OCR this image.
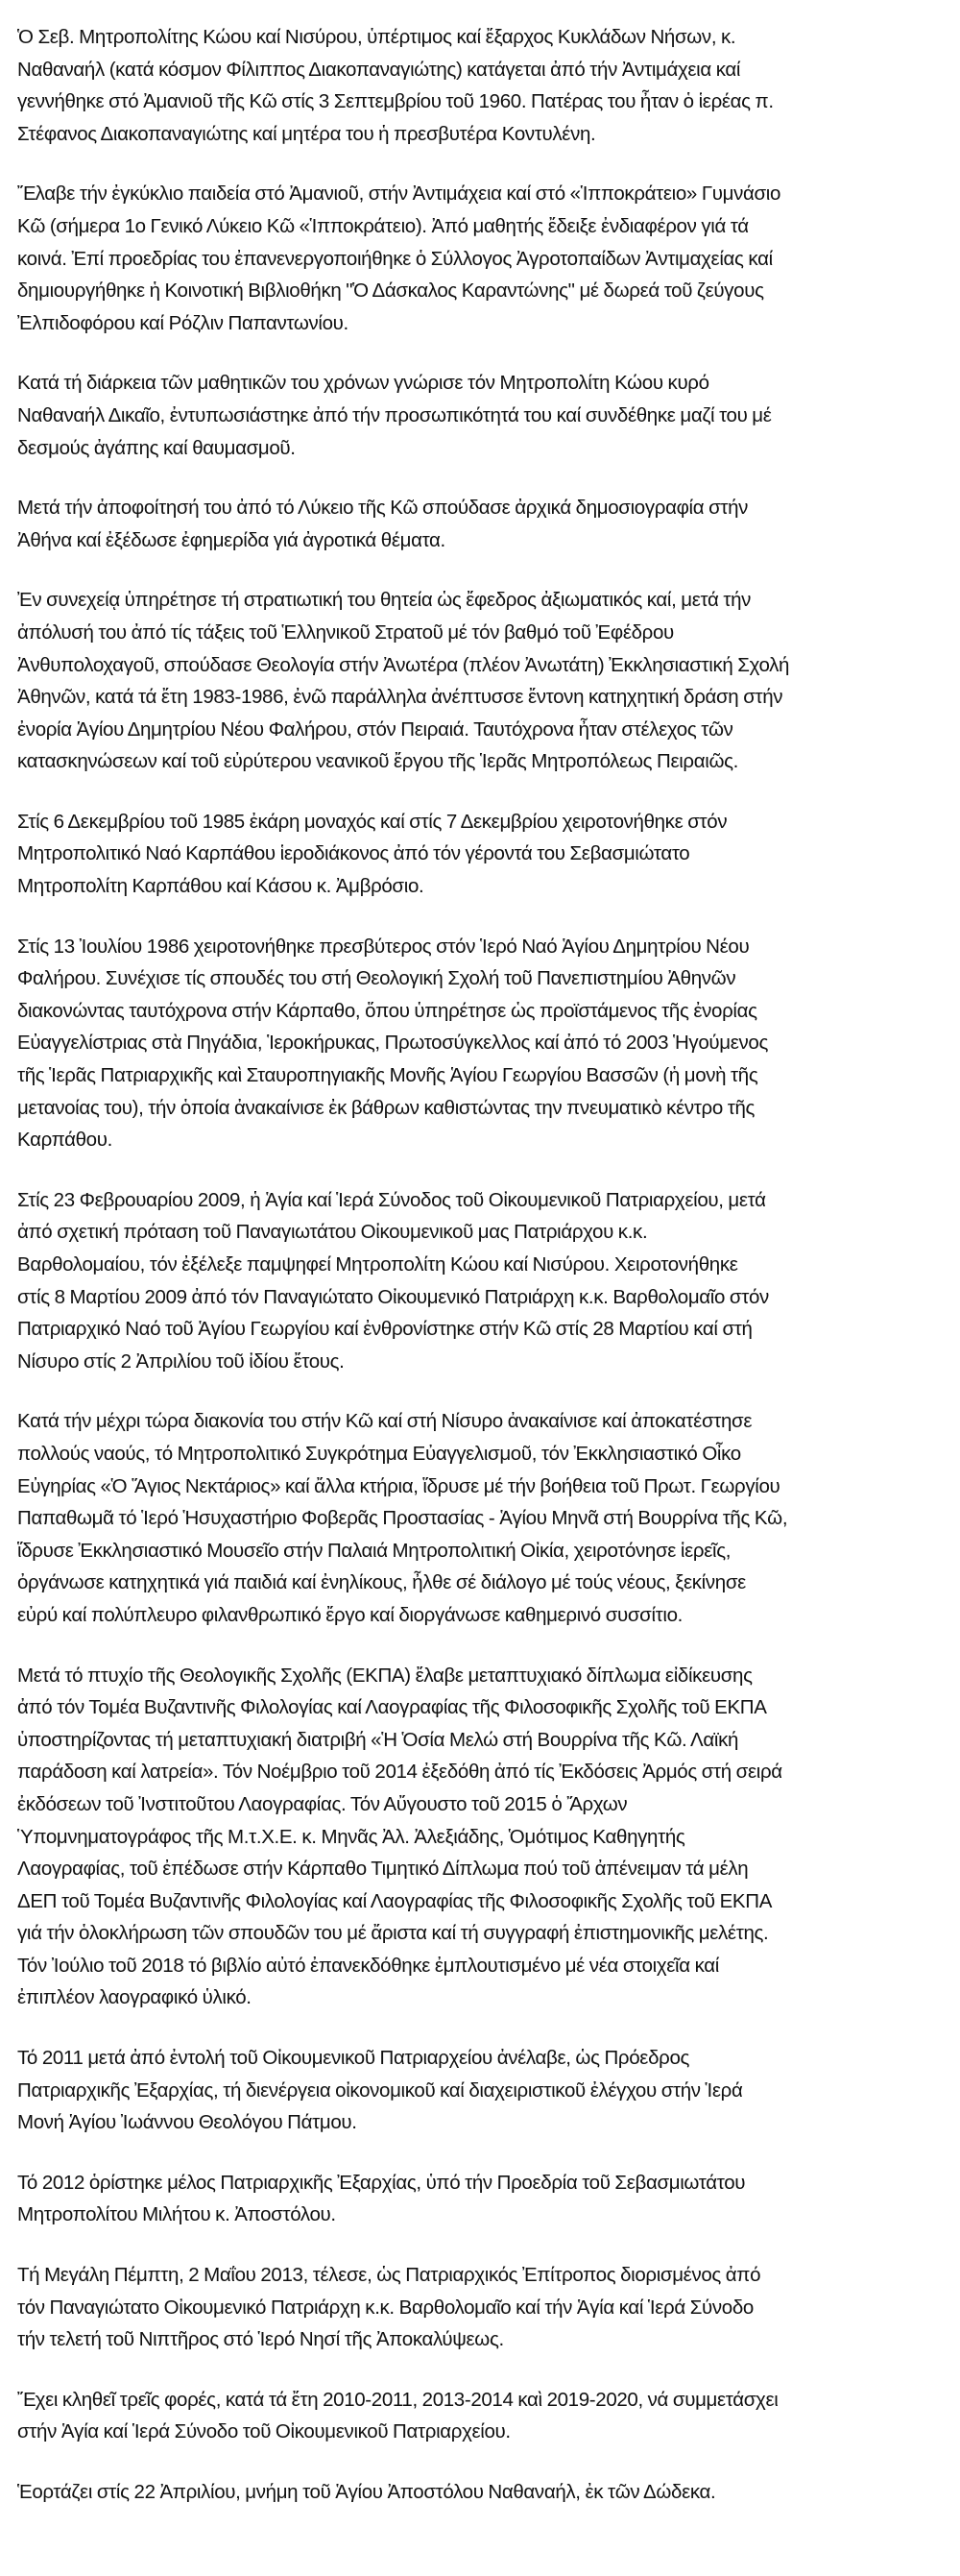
Ὁ Σεβ. Μητροπολίτης Κώου καί Νισύρου, ὑπέρτιμος καί ἔξαρχος Κυκλάδων Νήσων, κ.
Ναθαναήλ (κατά κόσμον Φίλιππος Διακοπαναγιώτης) κατάγεται ἀπό τήν Ἀντιμάχεια καί
γεννήθηκε στό Ἀμανιοῦ τῆς Κῶ στίς 3 Σεπτεμβρίου τοῦ 1960. Πατέρας του ἦταν ὁ ἱερέας π.
Στέφανος Διακοπαναγιώτης καί μητέρα του ἡ πρεσβυτέρα Κοντυλένη.

Ἔλαβε τήν ἐγκύκλιο παιδεία στό Ἀμανιοῦ, στήν Ἀντιμάχεια καί στό «Ἱπποκράτειο» Γυμνάσιο
Κῶ (σήμερα 1ο Γενικό Λύκειο Κῶ «Ἱπποκράτειο). Ἀπό μαθητής ἔδειξε ἐνδιαφέρον γιά τά
κοινά. Ἐπί προεδρίας του ἐπανενεργοποιήθηκε ὁ Σύλλογος Ἀγροτοπαίδων Ἀντιμαχείας καί
δημιουργήθηκε ἡ Κοινοτική Βιβλιοθήκη "Ὁ Δάσκαλος Καραντώνης" μέ δωρεά τοῦ ζεύγους
Ἐλπιδοφόρου καί Ρόζλιν Παπαντωνίου.

Κατά τή διάρκεια τῶν μαθητικῶν του χρόνων γνώρισε τόν Μητροπολίτη Κώου κυρό
Ναθαναήλ Δικαῖο, ἐντυπωσιάστηκε ἀπό τήν προσωπικότητά του καί συνδέθηκε μαζί του μέ
δεσμούς ἀγάπης καί θαυμασμοῦ.

Μετά τήν ἀποφοίτησή του ἀπό τό Λύκειο τῆς Κῶ σπούδασε ἀρχικά δημοσιογραφία στήν
Ἀθήνα καί ἐξέδωσε ἐφημερίδα γιά ἀγροτικά θέματα.

Ἐν συνεχείᾳ ὑπηρέτησε τή στρατιωτική του θητεία ὡς ἔφεδρος ἀξιωματικός καί, μετά τήν
ἀπόλυσή του ἀπό τίς τάξεις τοῦ Ἑλληνικοῦ Στρατοῦ μέ τόν βαθμό τοῦ Ἐφέδρου
Ἀνθυπολοχαγοῦ, σπούδασε Θεολογία στήν Ἀνωτέρα (πλέον Ἀνωτάτη) Ἐκκλησιαστική Σχολή
Ἀθηνῶν, κατά τά ἔτη 1983-1986, ἐνῶ παράλληλα ἀνέπτυσσε ἔντονη κατηχητική δράση στήν
ἐνορία Ἁγίου Δημητρίου Νέου Φαλήρου, στόν Πειραιά. Ταυτόχρονα ἦταν στέλεχος τῶν
κατασκηνώσεων καί τοῦ εὐρύτερου νεανικοῦ ἔργου τῆς Ἱερᾶς Μητροπόλεως Πειραιῶς.

Στίς 6 Δεκεμβρίου τοῦ 1985 ἐκάρη μοναχός καί στίς 7 Δεκεμβρίου χειροτονήθηκε στόν
Μητροπολιτικό Ναό Καρπάθου ἱεροδιάκονος ἀπό τόν γέροντά του Σεβασμιώτατο
Μητροπολίτη Καρπάθου καί Κάσου κ. Ἀμβρόσιο.

Στίς 13 Ἰουλίου 1986 χειροτονήθηκε πρεσβύτερος στόν Ἱερό Ναό Ἁγίου Δημητρίου Νέου
Φαλήρου. Συνέχισε τίς σπουδές του στή Θεολογική Σχολή τοῦ Πανεπιστημίου Ἀθηνῶν
διακονώντας ταυτόχρονα στήν Κάρπαθο, ὅπου ὑπηρέτησε ὡς προϊστάμενος τῆς ἐνορίας
Εὐαγγελίστριας στὰ Πηγάδια, Ἱεροκήρυκας, Πρωτοσύγκελλος καί ἀπό τό 2003 Ἡγούμενος
τῆς Ἱερᾶς Πατριαρχικῆς καὶ Σταυροπηγιακῆς Μονῆς Ἁγίου Γεωργίου Βασσῶν (ἡ μονὴ τῆς
μετανοίας του), τήν ὁποία ἀνακαίνισε ἐκ βάθρων καθιστώντας την πνευματικὸ κέντρο τῆς
Καρπάθου.

Στίς 23 Φεβρουαρίου 2009, ἡ Ἁγία καί Ἱερά Σύνοδος τοῦ Οἰκουμενικοῦ Πατριαρχείου, μετά
ἀπό σχετική πρόταση τοῦ Παναγιωτάτου Οἰκουμενικοῦ μας Πατριάρχου κ.κ.
Βαρθολομαίου, τόν ἐξέλεξε παμψηφεί Μητροπολίτη Κώου καί Νισύρου. Χειροτονήθηκε
στίς 8 Μαρτίου 2009 ἀπό τόν Παναγιώτατο Οἰκουμενικό Πατριάρχη κ.κ. Βαρθολομαῖο στόν
Πατριαρχικό Ναό τοῦ Ἁγίου Γεωργίου καί ἐνθρονίστηκε στήν Κῶ στίς 28 Μαρτίου καί στή
Νίσυρο στίς 2 Ἀπριλίου τοῦ ἰδίου ἔτους.

Κατά τήν μέχρι τώρα διακονία του στήν Κῶ καί στή Νίσυρο ἀνακαίνισε καί ἀποκατέστησε
πολλούς ναούς, τό Μητροπολιτικό Συγκρότημα Εὐαγγελισμοῦ, τόν Ἐκκλησιαστικό Οἶκο
Εὐγηρίας «Ὁ Ἅγιος Νεκτάριος» καί ἄλλα κτήρια, ἵδρυσε μέ τήν βοήθεια τοῦ Πρωτ. Γεωργίου
Παπαθωμᾶ τό Ἱερό Ἡσυχαστήριο Φοβερᾶς Προστασίας - Ἁγίου Μηνᾶ στή Βουρρίνα τῆς Κῶ,
ἵδρυσε Ἐκκλησιαστικό Μουσεῖο στήν Παλαιά Μητροπολιτική Οἰκία, χειροτόνησε ἱερεῖς,
ὀργάνωσε κατηχητικά γιά παιδιά καί ἐνηλίκους, ἦλθε σέ διάλογο μέ τούς νέους, ξεκίνησε
εὐρύ καί πολύπλευρο φιλανθρωπικό ἔργο καί διοργάνωσε καθημερινό συσσίτιο.

Μετά τό πτυχίο τῆς Θεολογικῆς Σχολῆς (ΕΚΠΑ) ἔλαβε μεταπτυχιακό δίπλωμα εἰδίκευσης
ἀπό τόν Τομέα Βυζαντινῆς Φιλολογίας καί Λαογραφίας τῆς Φιλοσοφικῆς Σχολῆς τοῦ ΕΚΠΑ
ὑποστηρίζοντας τή μεταπτυχιακή διατριβή «Ἡ Ὁσία Μελώ στή Βουρρίνα τῆς Κῶ. Λαϊκή
παράδοση καί λατρεία». Τόν Νοέμβριο τοῦ 2014 ἐξεδόθη ἀπό τίς Ἐκδόσεις Ἀρμός στή σειρά
ἐκδόσεων τοῦ Ἰνστιτοῦτου Λαογραφίας. Τόν Αὔγουστο τοῦ 2015 ὁ Ἄρχων
Ὑπομνηματογράφος τῆς Μ.τ.Χ.Ε. κ. Μηνᾶς Ἀλ. Ἀλεξιάδης, Ὁμότιμος Καθηγητής
Λαογραφίας, τοῦ ἐπέδωσε στήν Κάρπαθο Τιμητικό Δίπλωμα πού τοῦ ἀπένειμαν τά μέλη
ΔΕΠ τοῦ Τομέα Βυζαντινῆς Φιλολογίας καί Λαογραφίας τῆς Φιλοσοφικῆς Σχολῆς τοῦ ΕΚΠΑ
γιά τήν ὁλοκλήρωση τῶν σπουδῶν του μέ ἄριστα καί τή συγγραφή ἐπιστημονικῆς μελέτης.
Τόν Ἰούλιο τοῦ 2018 τό βιβλίο αὐτό ἐπανεκδόθηκε ἐμπλουτισμένο μέ νέα στοιχεῖα καί
ἐπιπλέον λαογραφικό ὑλικό.

Τό 2011 μετά ἀπό ἐντολή τοῦ Οἰκουμενικοῦ Πατριαρχείου ἀνέλαβε, ὡς Πρόεδρος
Πατριαρχικῆς Ἐξαρχίας, τή διενέργεια οἰκονομικοῦ καί διαχειριστικοῦ ἐλέγχου στήν Ἱερά
Μονή Ἁγίου Ἰωάννου Θεολόγου Πάτμου.

Τό 2012 ὁρίστηκε μέλος Πατριαρχικῆς Ἐξαρχίας, ὑπό τήν Προεδρία τοῦ Σεβασμιωτάτου
Μητροπολίτου Μιλήτου κ. Ἀποστόλου.

Τή Μεγάλη Πέμπτη, 2 Μαΐου 2013, τέλεσε, ὡς Πατριαρχικός Ἐπίτροπος διορισμένος ἀπό
τόν Παναγιώτατο Οἰκουμενικό Πατριάρχη κ.κ. Βαρθολομαῖο καί τήν Ἁγία καί Ἱερά Σύνοδο
τήν τελετή τοῦ Νιπτῆρος στό Ἱερό Νησί τῆς Ἀποκαλύψεως.

Ἔχει κληθεῖ τρεῖς φορές, κατά τά ἔτη 2010-2011, 2013-2014 καὶ 2019-2020, νά συμμετάσχει
στήν Ἁγία καί Ἱερά Σύνοδο τοῦ Οἰκουμενικοῦ Πατριαρχείου.

Ἑορτάζει στίς 22 Ἀπριλίου, μνήμη τοῦ Ἁγίου Ἀποστόλου Ναθαναήλ, ἐκ τῶν Δώδεκα.
